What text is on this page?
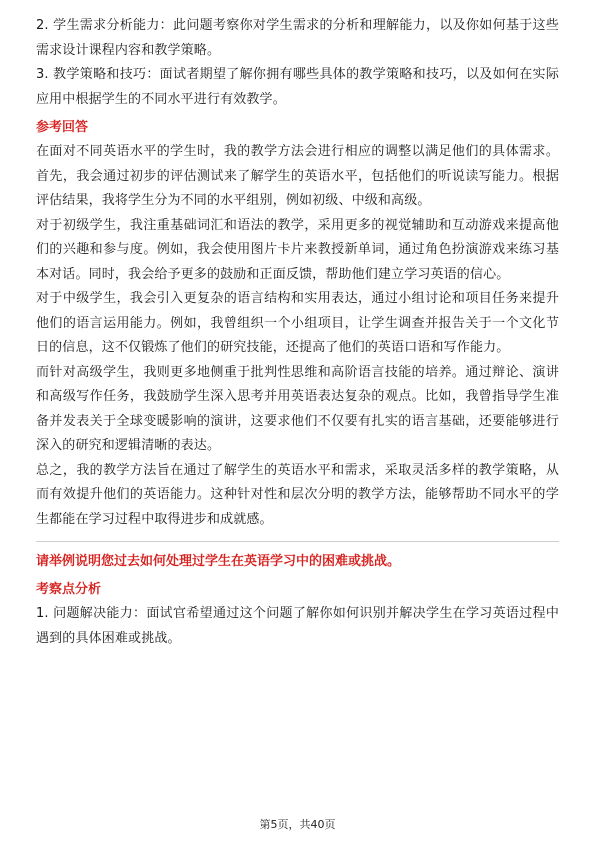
2. 学生需求分析能力：此问题考察你对学生需求的分析和理解能力，以及你如何基于这些需求设计课程内容和教学策略。

3. 教学策略和技巧：面试者期望了解你拥有哪些具体的教学策略和技巧，以及如何在实际应用中根据学生的不同水平进行有效教学。

参考回答

在面对不同英语水平的学生时，我的教学方法会进行相应的调整以满足他们的具体需求。首先，我会通过初步的评估测试来了解学生的英语水平，包括他们的听说读写能力。根据评估结果，我将学生分为不同的水平组别，例如初级、中级和高级。

对于初级学生，我注重基础词汇和语法的教学，采用更多的视觉辅助和互动游戏来提高他们的兴趣和参与度。例如，我会使用图片卡片来教授新单词，通过角色扮演游戏来练习基本对话。同时，我会给予更多的鼓励和正面反馈，帮助他们建立学习英语的信心。

对于中级学生，我会引入更复杂的语言结构和实用表达，通过小组讨论和项目任务来提升他们的语言运用能力。例如，我曾组织一个小组项目，让学生调查并报告关于一个文化节日的信息，这不仅锻炼了他们的研究技能，还提高了他们的英语口语和写作能力。

而针对高级学生，我则更多地侧重于批判性思维和高阶语言技能的培养。通过辩论、演讲和高级写作任务，我鼓励学生深入思考并用英语表达复杂的观点。比如，我曾指导学生准备并发表关于全球变暖影响的演讲，这要求他们不仅要有扎实的语言基础，还要能够进行深入的研究和逻辑清晰的表达。

总之，我的教学方法旨在通过了解学生的英语水平和需求，采取灵活多样的教学策略，从而有效提升他们的英语能力。这种针对性和层次分明的教学方法，能够帮助不同水平的学生都能在学习过程中取得进步和成就感。

请举例说明您过去如何处理过学生在英语学习中的困难或挑战。
考察点分析

1. 问题解决能力：面试官希望通过这个问题了解你如何识别并解决学生在学习英语过程中遇到的具体困难或挑战。

第5页，共40页
